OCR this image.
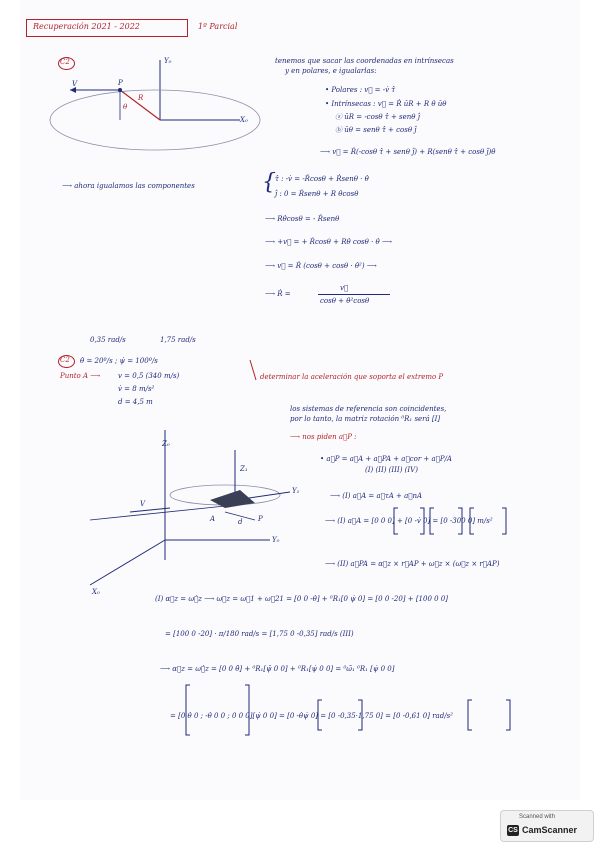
Recuperación 2021 - 2022	1º Parcial
C2	Y₀
X₀
P
R
θ
V
tenemos que sacar las coordenadas en intrínsecas
y en polares, e igualarlas:
• Polares : v⃗ = -v̇ τ̂
• Intrínsecas : v⃗ = Ṙ ūR + R θ̇ ūθ
ⓐ ūR = -cosθ τ̂ + senθ ĵ
ⓑ ūθ = senθ τ̂ + cosθ ĵ
⟶ v⃗ = Ṙ(-cosθ τ̂ + senθ ĵ) + R(senθ τ̂ + cosθ ĵ)θ̇
⟶ ahora igualamos las componentes	{ τ̂ : -v̇ = -Ṙcosθ + Ṙsenθ · θ̇
ĵ : 0 = Ṙsenθ + R θ̇cosθ
⟶ Rθ̇cosθ = - Ṙsenθ
⟶ +v⃗ = + Ṙcosθ + Rθ̇ cosθ · θ̇ ⟶
⟶ v⃗ = Ṙ (cosθ + cosθ · θ̇²) ⟶
⟶ Ṙ =
v⃗
cosθ + θ̇²cosθ
0,35 rad/s	1,75 rad/s
C2 θ̇ = 20º/s ; ψ̇ = 100º/s
Punto A ⟶	v = 0,5 (340 m/s)
v̇ = 8 m/s²
d = 4,5 m
determinar la aceleración que soporta el extremo P
los sistemas de referencia son coincidentes,
por lo tanto, la matriz rotación ⁰R₁ será [I]
⟶ nos piden a⃗P :
• a⃗P = a⃗A + a⃗PA + a⃗cor + a⃗P/A
(I) (II) (III) (IV)
⟶ (I) a⃗A = a⃗τA + a⃗nA
⟶ (I) a⃗A = [0 0 0] + [0 -v̇ 0] = [0 -300 0] m/s²
⟶ (II) a⃗PA = α⃗z × r⃗AP + ω⃗z × (ω⃗z × r⃗AP)
Z₀
Z₁
Y₁
Y₀
X₀
V
A	P
d
(I) α⃗z = ω⃗̇z ⟶ ω⃗z = ω⃗1 + ω⃗21 = [0 0 -θ̇] + ⁰R₁[0 ψ̇ 0] = [0 0 -20] + [100 0 0]
= [100 0 -20] · π/180 rad/s = [1,75 0 -0,35] rad/s (III)
⟶ α⃗z = ω⃗̇z = [0 0 θ̈] + ⁰R₁[ψ̈ 0 0] + ⁰R₁[ψ̇ 0 0] = ⁰ω̃₁ ⁰R₁ [ψ̇ 0 0]
= [0 θ̇ 0 ; -θ̇ 0 0 ; 0 0 0][ψ̇ 0 0] = [0 -θ̇ψ̇ 0] = [0 -0,35·1,75 0] = [0 -0,61 0] rad/s²
Scanned with
CS CamScanner
